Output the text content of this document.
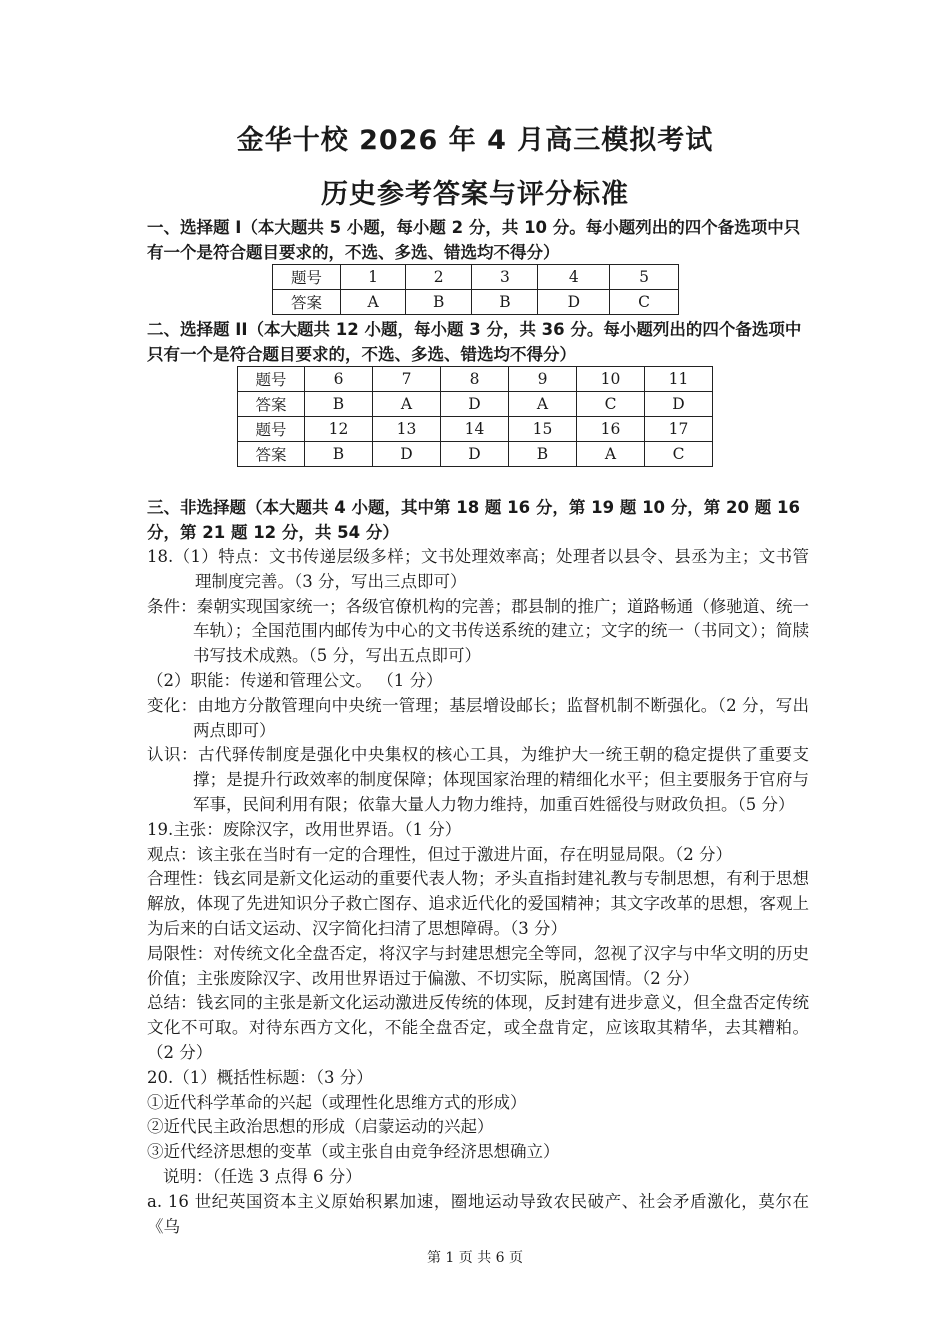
金华十校 2026 年 4 月高三模拟考试
历史参考答案与评分标准
一、选择题 I（本大题共 5 小题，每小题 2 分，共 10 分。每小题列出的四个备选项中只有一个是符合题目要求的，不选、多选、错选均不得分）
题号	1	2	3	4	5
答案	A	B	B	D	C
二、选择题 II（本大题共 12 小题，每小题 3 分，共 36 分。每小题列出的四个备选项中只有一个是符合题目要求的，不选、多选、错选均不得分）
题号	6	7	8	9	10	11
答案	B	A	D	A	C	D
题号	12	13	14	15	16	17
答案	B	D	D	B	A	C
三、非选择题（本大题共 4 小题，其中第 18 题 16 分，第 19 题 10 分，第 20 题 16 分，第 21 题 12 分，共 54 分）

18.（1）特点：文书传递层级多样；文书处理效率高；处理者以县令、县丞为主；文书管理制度完善。（3 分，写出三点即可）

条件：秦朝实现国家统一；各级官僚机构的完善；郡县制的推广；道路畅通（修驰道、统一车轨）；全国范围内邮传为中心的文书传送系统的建立；文字的统一（书同文）；简牍书写技术成熟。（5 分，写出五点即可）

（2）职能：传递和管理公文。 （1 分）

变化：由地方分散管理向中央统一管理；基层增设邮长；监督机制不断强化。（2 分，写出两点即可）

认识：古代驿传制度是强化中央集权的核心工具，为维护大一统王朝的稳定提供了重要支撑；是提升行政效率的制度保障；体现国家治理的精细化水平；但主要服务于官府与军事，民间利用有限；依靠大量人力物力维持，加重百姓徭役与财政负担。（5 分）

19.主张：废除汉字，改用世界语。（1 分）

观点：该主张在当时有一定的合理性，但过于激进片面，存在明显局限。（2 分）

合理性：钱玄同是新文化运动的重要代表人物；矛头直指封建礼教与专制思想，有利于思想解放，体现了先进知识分子救亡图存、追求近代化的爱国精神；其文字改革的思想，客观上为后来的白话文运动、汉字简化扫清了思想障碍。（3 分）

局限性：对传统文化全盘否定，将汉字与封建思想完全等同，忽视了汉字与中华文明的历史价值；主张废除汉字、改用世界语过于偏激、不切实际，脱离国情。（2 分）

总结：钱玄同的主张是新文化运动激进反传统的体现，反封建有进步意义，但全盘否定传统文化不可取。对待东西方文化，不能全盘否定，或全盘肯定，应该取其精华，去其糟粕。（2 分）

20.（1）概括性标题：（3 分）

①近代科学革命的兴起（或理性化思维方式的形成）

②近代民主政治思想的形成（启蒙运动的兴起）

③近代经济思想的变革（或主张自由竞争经济思想确立）

说明：（任选 3 点得 6 分）

a. 16 世纪英国资本主义原始积累加速，圈地运动导致农民破产、社会矛盾激化，莫尔在《乌

第 1 页 共 6 页
